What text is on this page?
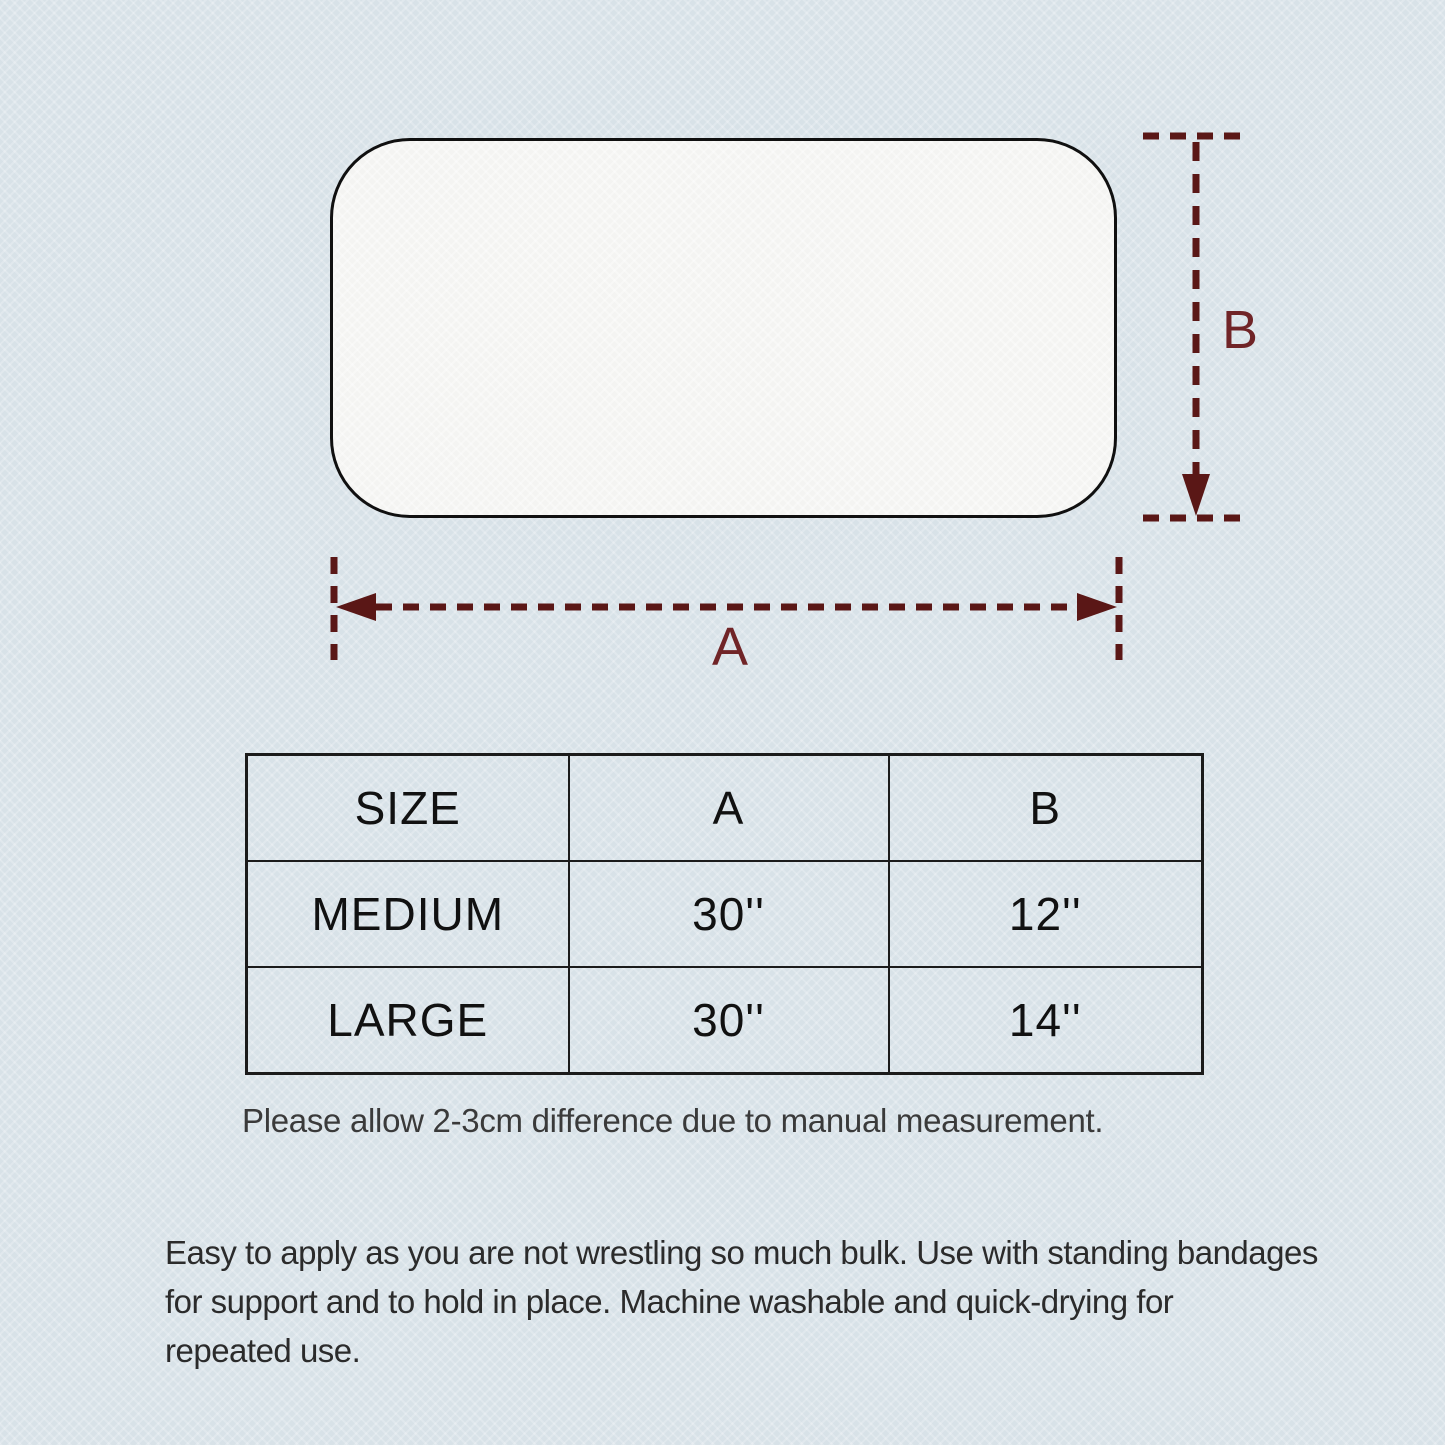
B
A
SIZE	A	B
MEDIUM	30''	12''
LARGE	30''	14''
Please allow 2-3cm difference due to manual measurement.
Easy to apply as you are not wrestling so much bulk. Use with standing bandages
for support and to hold in place. Machine washable and quick-drying for
repeated use.
